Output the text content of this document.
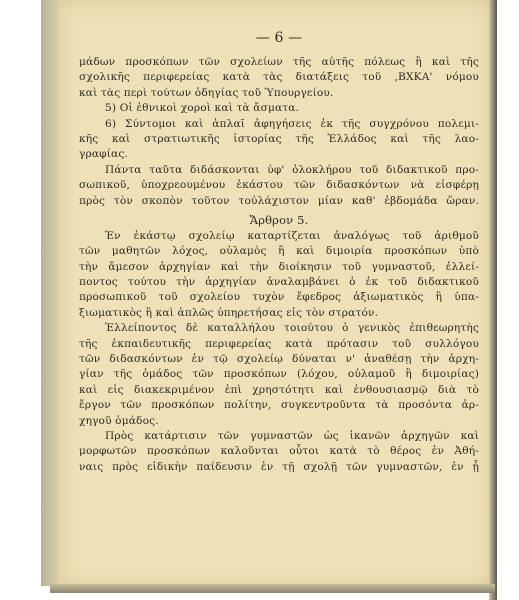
— 6 —
μάδων προσκόπων τῶν σχολείων τῆς αὐτῆς πόλεως ἢ καὶ τῆς
σχολικῆς περιφερείας κατὰ τὰς διατάξεις τοῦ ,ΒΧΚΑ' νόμου
καὶ τὰς περὶ τούτων ὁδηγίας τοῦ Ὑπουργείου.
5) Οἱ ἐθνικοὶ χοροὶ καὶ τὰ ἄσματα.
6) Σύντομοι καὶ ἁπλαῖ ἀφηγήσεις ἐκ τῆς συγχρόνου πολεμι-
κῆς καὶ στρατιωτικῆς ἱστορίας τῆς Ἑλλάδος καὶ τῆς λαο-
γραφίας.
Πάντα ταῦτα διδάσκονται ὑφ' ὁλοκλήρου τοῦ διδακτικοῦ προ-
σωπικοῦ, ὑποχρεουμένου ἑκάστου τῶν διδασκόντων νὰ εἰσφέρῃ
πρὸς τὸν σκοπὸν τοῦτον τοὐλάχιστον μίαν καθ' ἑβδομάδα ὥραν.
Ἄρθρον 5.
Ἐν ἑκάστῳ σχολείῳ καταρτίζεται ἀναλόγως τοῦ ἀριθμοῦ
τῶν μαθητῶν λόχος, οὐλαμὸς ἢ καὶ διμοιρία προσκόπων ὑπὸ
τὴν ἄμεσον ἀρχηγίαν καὶ τὴν διοίκησιν τοῦ γυμναστοῦ, ἐλλεί-
ποντος τούτου τὴν ἀρχηγίαν ἀναλαμβάνει ὁ ἐκ τοῦ διδακτικοῦ
προσωπικοῦ τοῦ σχολείου τυχὸν ἔφεδρος ἀξιωματικὸς ἢ ὑπα-
ξιωματικὸς ἢ καὶ ἁπλῶς ὑπηρετήσας εἰς τὸν στρατόν.
Ἐλλείποντος δὲ καταλλήλου τοιούτου ὁ γενικὸς ἐπιθεωρητὴς
τῆς ἐκπαιδευτικῆς περιφερείας κατὰ πρότασιν τοῦ συλλόγου
τῶν διδασκόντων ἐν τῷ σχολείῳ δύναται ν' ἀναθέσῃ τὴν ἀρχη-
γίαν τῆς ὁμάδος τῶν προσκόπων (λόχου, οὐλαμοῦ ἢ διμοιρίας)
καὶ εἰς διακεκριμένον ἐπὶ χρηστότητι καὶ ἐνθουσιασμῷ διὰ τὸ
ἔργον τῶν προσκόπων πολίτην, συγκεντροῦντα τὰ προσόντα ἀρ-
χηγοῦ ὁμάδος.
Πρὸς κατάρτισιν τῶν γυμναστῶν ὡς ἱκανῶν ἀρχηγῶν καὶ
μορφωτῶν προσκόπων καλοῦνται οὗτοι κατὰ τὸ θέρος ἐν Ἀθή-
ναις πρὸς εἰδικὴν παίδευσιν ἐν τῇ σχολῇ τῶν γυμναστῶν, ἐν ᾗ
